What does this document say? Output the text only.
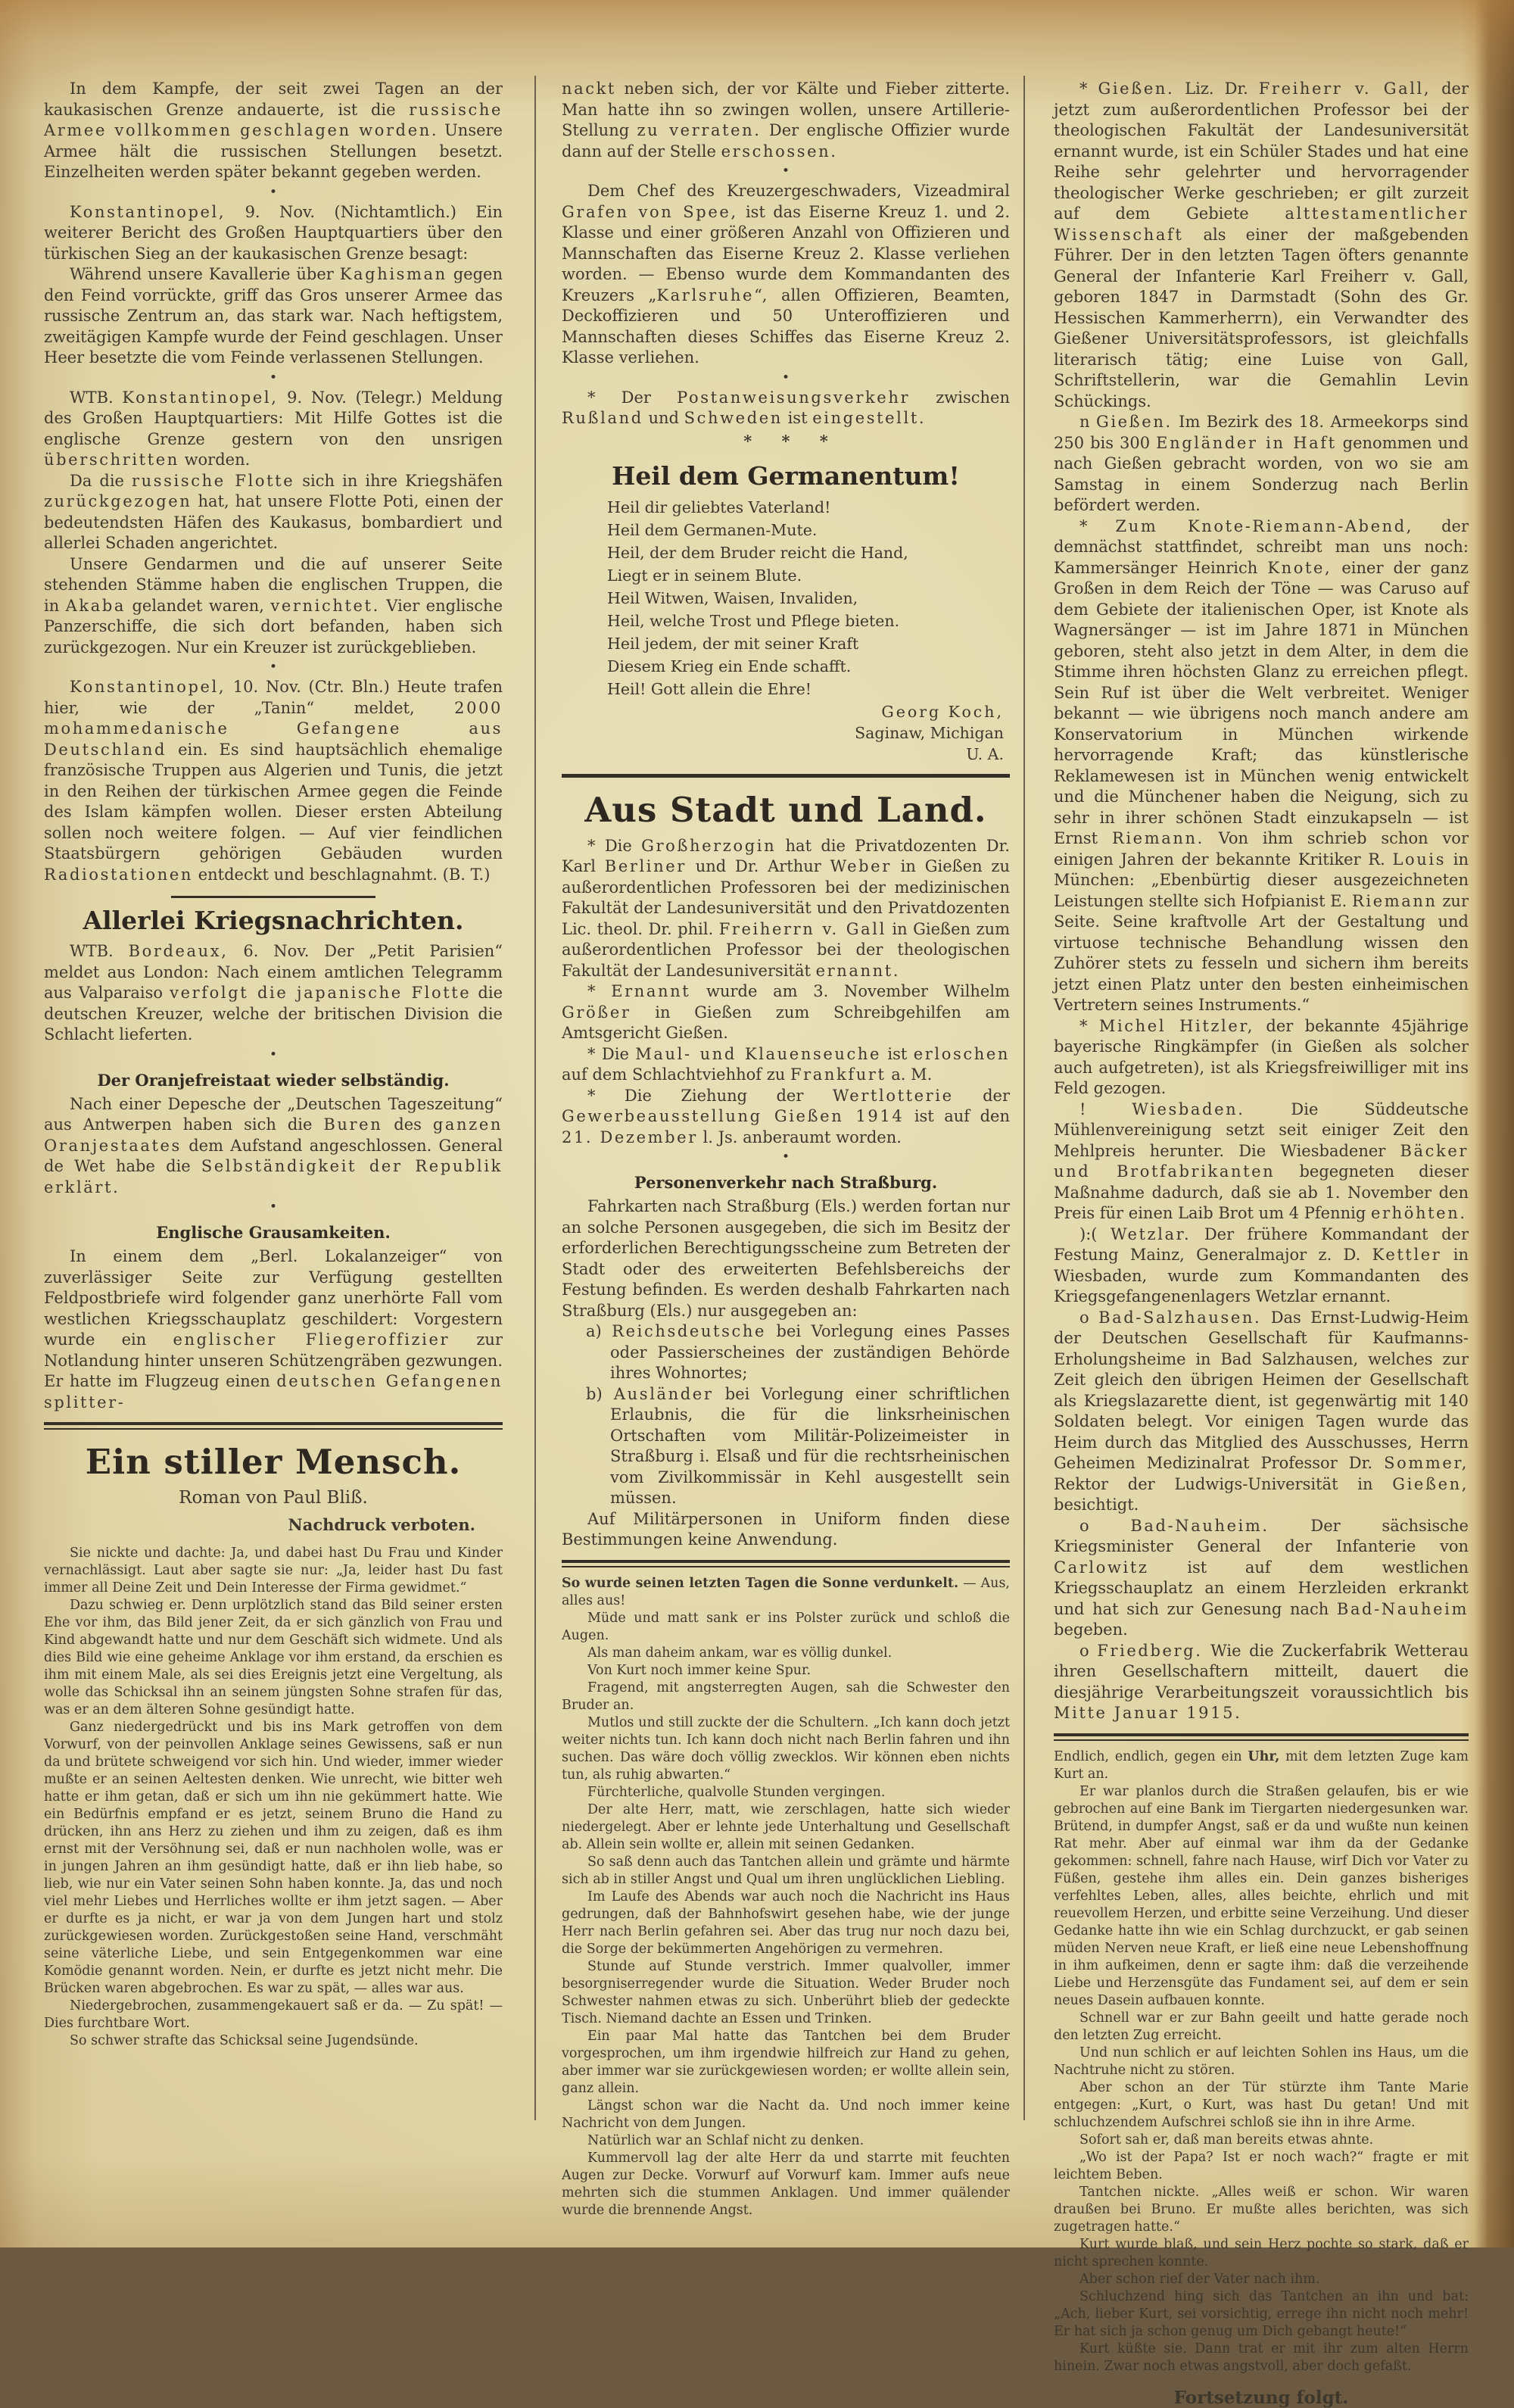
In dem Kampfe, der seit zwei Tagen an der kaukasischen Grenze andauerte, ist die russische Armee vollkommen geschlagen worden. Unsere Armee hält die russischen Stellungen besetzt. Einzelheiten werden später bekannt gegeben werden.

•

Konstantinopel, 9. Nov. (Nichtamtlich.) Ein weiterer Bericht des Großen Hauptquartiers über den türkischen Sieg an der kaukasischen Grenze besagt:

Während unsere Kavallerie über Kaghisman gegen den Feind vorrückte, griff das Gros unserer Armee das russische Zentrum an, das stark war. Nach heftigstem, zweitägigen Kampfe wurde der Feind geschlagen. Unser Heer besetzte die vom Feinde verlassenen Stellungen.

•

WTB. Konstantinopel, 9. Nov. (Telegr.) Meldung des Großen Hauptquartiers: Mit Hilfe Gottes ist die englische Grenze gestern von den unsrigen überschritten worden.

Da die russische Flotte sich in ihre Kriegshäfen zurückgezogen hat, hat unsere Flotte Poti, einen der bedeutendsten Häfen des Kaukasus, bombardiert und allerlei Schaden angerichtet.

Unsere Gendarmen und die auf unserer Seite stehenden Stämme haben die englischen Truppen, die in Akaba gelandet waren, vernichtet. Vier englische Panzerschiffe, die sich dort befanden, haben sich zurückgezogen. Nur ein Kreuzer ist zurückgeblieben.

•

Konstantinopel, 10. Nov. (Ctr. Bln.) Heute trafen hier, wie der „Tanin“ meldet, 2000 mohammedanische Gefangene aus Deutschland ein. Es sind hauptsächlich ehemalige französische Truppen aus Algerien und Tunis, die jetzt in den Reihen der türkischen Armee gegen die Feinde des Islam kämpfen wollen. Dieser ersten Abteilung sollen noch weitere folgen. — Auf vier feindlichen Staatsbürgern gehörigen Gebäuden wurden Radiostationen entdeckt und beschlagnahmt. (B. T.)

Allerlei Kriegsnachrichten.

WTB. Bordeaux, 6. Nov. Der „Petit Parisien“ meldet aus London: Nach einem amtlichen Telegramm aus Valparaiso verfolgt die japanische Flotte die deutschen Kreuzer, welche der britischen Division die Schlacht lieferten.

•
Der Oranjefreistaat wieder selbständig.

Nach einer Depesche der „Deutschen Tageszeitung“ aus Antwerpen haben sich die Buren des ganzen Oranjestaates dem Aufstand angeschlossen. General de Wet habe die Selbständigkeit der Republik erklärt.

•
Englische Grausamkeiten.

In einem dem „Berl. Lokalanzeiger“ von zuverlässiger Seite zur Verfügung gestellten Feldpostbriefe wird folgender ganz unerhörte Fall vom westlichen Kriegsschauplatz geschildert: Vorgestern wurde ein englischer Fliegeroffizier zur Notlandung hinter unseren Schützengräben gezwungen. Er hatte im Flugzeug einen deutschen Gefangenen splitter-

Ein stiller Mensch.
Roman von Paul Bliß.
Nachdruck verboten.

Sie nickte und dachte: Ja, und dabei hast Du Frau und Kinder vernachlässigt. Laut aber sagte sie nur: „Ja, leider hast Du fast immer all Deine Zeit und Dein Interesse der Firma gewidmet.“

Dazu schwieg er. Denn urplötzlich stand das Bild seiner ersten Ehe vor ihm, das Bild jener Zeit, da er sich gänzlich von Frau und Kind abgewandt hatte und nur dem Geschäft sich widmete. Und als dies Bild wie eine geheime Anklage vor ihm erstand, da erschien es ihm mit einem Male, als sei dies Ereignis jetzt eine Vergeltung, als wolle das Schicksal ihn an seinem jüngsten Sohne strafen für das, was er an dem älteren Sohne gesündigt hatte.

Ganz niedergedrückt und bis ins Mark getroffen von dem Vorwurf, von der peinvollen Anklage seines Gewissens, saß er nun da und brütete schweigend vor sich hin. Und wieder, immer wieder mußte er an seinen Aeltesten denken. Wie unrecht, wie bitter weh hatte er ihm getan, daß er sich um ihn nie gekümmert hatte. Wie ein Bedürfnis empfand er es jetzt, seinem Bruno die Hand zu drücken, ihn ans Herz zu ziehen und ihm zu zeigen, daß es ihm ernst mit der Versöhnung sei, daß er nun nachholen wolle, was er in jungen Jahren an ihm gesündigt hatte, daß er ihn lieb habe, so lieb, wie nur ein Vater seinen Sohn haben konnte. Ja, das und noch viel mehr Liebes und Herrliches wollte er ihm jetzt sagen. — Aber er durfte es ja nicht, er war ja von dem Jungen hart und stolz zurückgewiesen worden. Zurückgestoßen seine Hand, verschmäht seine väterliche Liebe, und sein Entgegenkommen war eine Komödie genannt worden. Nein, er durfte es jetzt nicht mehr. Die Brücken waren abgebrochen. Es war zu spät, — alles war aus.

Niedergebrochen, zusammengekauert saß er da. — Zu spät! — Dies furchtbare Wort.

So schwer strafte das Schicksal seine Jugendsünde.

nackt neben sich, der vor Kälte und Fieber zitterte. Man hatte ihn so zwingen wollen, unsere Artillerie-Stellung zu verraten. Der englische Offizier wurde dann auf der Stelle erschossen.

•

Dem Chef des Kreuzergeschwaders, Vizeadmiral Grafen von Spee, ist das Eiserne Kreuz 1. und 2. Klasse und einer größeren Anzahl von Offizieren und Mannschaften das Eiserne Kreuz 2. Klasse verliehen worden. — Ebenso wurde dem Kommandanten des Kreuzers „Karlsruhe“, allen Offizieren, Beamten, Deckoffizieren und 50 Unteroffizieren und Mannschaften dieses Schiffes das Eiserne Kreuz 2. Klasse verliehen.

•

* Der Postanweisungsverkehr zwischen Rußland und Schweden ist eingestellt.

* * *
Heil dem Germanentum!
Heil dir geliebtes Vaterland!
Heil dem Germanen-Mute.
Heil, der dem Bruder reicht die Hand,
Liegt er in seinem Blute.
Heil Witwen, Waisen, Invaliden,
Heil, welche Trost und Pflege bieten.
Heil jedem, der mit seiner Kraft
Diesem Krieg ein Ende schafft.
Heil! Gott allein die Ehre!
Georg Koch,
Saginaw, Michigan
U. A.
Aus Stadt und Land.

* Die Großherzogin hat die Privatdozenten Dr. Karl Berliner und Dr. Arthur Weber in Gießen zu außerordentlichen Professoren bei der medizinischen Fakultät der Landesuniversität und den Privatdozenten Lic. theol. Dr. phil. Freiherrn v. Gall in Gießen zum außerordentlichen Professor bei der theologischen Fakultät der Landesuniversität ernannt.

* Ernannt wurde am 3. November Wilhelm Größer in Gießen zum Schreibgehilfen am Amtsgericht Gießen.

* Die Maul- und Klauenseuche ist erloschen auf dem Schlachtviehhof zu Frankfurt a. M.

* Die Ziehung der Wertlotterie der Gewerbeausstellung Gießen 1914 ist auf den 21. Dezember l. Js. anberaumt worden.

•
Personenverkehr nach Straßburg.

Fahrkarten nach Straßburg (Els.) werden fortan nur an solche Personen ausgegeben, die sich im Besitz der erforderlichen Berechtigungsscheine zum Betreten der Stadt oder des erweiterten Befehlsbereichs der Festung befinden. Es werden deshalb Fahrkarten nach Straßburg (Els.) nur ausgegeben an:

a) Reichsdeutsche bei Vorlegung eines Passes oder Passierscheines der zuständigen Behörde ihres Wohnortes;

b) Ausländer bei Vorlegung einer schriftlichen Erlaubnis, die für die linksrheinischen Ortschaften vom Militär-Polizeimeister in Straßburg i. Elsaß und für die rechtsrheinischen vom Zivilkommissär in Kehl ausgestellt sein müssen.

Auf Militärpersonen in Uniform finden diese Bestimmungen keine Anwendung.

So wurde seinen letzten Tagen die Sonne verdunkelt. — Aus, alles aus!

Müde und matt sank er ins Polster zurück und schloß die Augen.

Als man daheim ankam, war es völlig dunkel.

Von Kurt noch immer keine Spur.

Fragend, mit angsterregten Augen, sah die Schwester den Bruder an.

Mutlos und still zuckte der die Schultern. „Ich kann doch jetzt weiter nichts tun. Ich kann doch nicht nach Berlin fahren und ihn suchen. Das wäre doch völlig zwecklos. Wir können eben nichts tun, als ruhig abwarten.“

Fürchterliche, qualvolle Stunden vergingen.

Der alte Herr, matt, wie zerschlagen, hatte sich wieder niedergelegt. Aber er lehnte jede Unterhaltung und Gesellschaft ab. Allein sein wollte er, allein mit seinen Gedanken.

So saß denn auch das Tantchen allein und grämte und härmte sich ab in stiller Angst und Qual um ihren unglücklichen Liebling.

Im Laufe des Abends war auch noch die Nachricht ins Haus gedrungen, daß der Bahnhofswirt gesehen habe, wie der junge Herr nach Berlin gefahren sei. Aber das trug nur noch dazu bei, die Sorge der bekümmerten Angehörigen zu vermehren.

Stunde auf Stunde verstrich. Immer qualvoller, immer besorgniserregender wurde die Situation. Weder Bruder noch Schwester nahmen etwas zu sich. Unberührt blieb der gedeckte Tisch. Niemand dachte an Essen und Trinken.

Ein paar Mal hatte das Tantchen bei dem Bruder vorgesprochen, um ihm irgendwie hilfreich zur Hand zu gehen, aber immer war sie zurückgewiesen worden; er wollte allein sein, ganz allein.

Längst schon war die Nacht da. Und noch immer keine Nachricht von dem Jungen.

Natürlich war an Schlaf nicht zu denken.

Kummervoll lag der alte Herr da und starrte mit feuchten Augen zur Decke. Vorwurf auf Vorwurf kam. Immer aufs neue mehrten sich die stummen Anklagen. Und immer quälender wurde die brennende Angst.

* Gießen. Liz. Dr. Freiherr v. Gall, der jetzt zum außerordentlichen Professor bei der theologischen Fakultät der Landesuniversität ernannt wurde, ist ein Schüler Stades und hat eine Reihe sehr gelehrter und hervorragender theologischer Werke geschrieben; er gilt zurzeit auf dem Gebiete alttestamentlicher Wissenschaft als einer der maßgebenden Führer. Der in den letzten Tagen öfters genannte General der Infanterie Karl Freiherr v. Gall, geboren 1847 in Darmstadt (Sohn des Gr. Hessischen Kammerherrn), ein Verwandter des Gießener Universitätsprofessors, ist gleichfalls literarisch tätig; eine Luise von Gall, Schriftstellerin, war die Gemahlin Levin Schückings.

n Gießen. Im Bezirk des 18. Armeekorps sind 250 bis 300 Engländer in Haft genommen und nach Gießen gebracht worden, von wo sie am Samstag in einem Sonderzug nach Berlin befördert werden.

* Zum Knote-Riemann-Abend, der demnächst stattfindet, schreibt man uns noch: Kammersänger Heinrich Knote, einer der ganz Großen in dem Reich der Töne — was Caruso auf dem Gebiete der italienischen Oper, ist Knote als Wagnersänger — ist im Jahre 1871 in München geboren, steht also jetzt in dem Alter, in dem die Stimme ihren höchsten Glanz zu erreichen pflegt. Sein Ruf ist über die Welt verbreitet. Weniger bekannt — wie übrigens noch manch andere am Konservatorium in München wirkende hervorragende Kraft; das künstlerische Reklamewesen ist in München wenig entwickelt und die Münchener haben die Neigung, sich zu sehr in ihrer schönen Stadt einzukapseln — ist Ernst Riemann. Von ihm schrieb schon vor einigen Jahren der bekannte Kritiker R. Louis in München: „Ebenbürtig dieser ausgezeichneten Leistungen stellte sich Hofpianist E. Riemann zur Seite. Seine kraftvolle Art der Gestaltung und virtuose technische Behandlung wissen den Zuhörer stets zu fesseln und sichern ihm bereits jetzt einen Platz unter den besten einheimischen Vertretern seines Instruments.“

* Michel Hitzler, der bekannte 45jährige bayerische Ringkämpfer (in Gießen als solcher auch aufgetreten), ist als Kriegsfreiwilliger mit ins Feld gezogen.

! Wiesbaden. Die Süddeutsche Mühlenvereinigung setzt seit einiger Zeit den Mehlpreis herunter. Die Wiesbadener Bäcker und Brotfabrikanten begegneten dieser Maßnahme dadurch, daß sie ab 1. November den Preis für einen Laib Brot um 4 Pfennig erhöhten.

):( Wetzlar. Der frühere Kommandant der Festung Mainz, Generalmajor z. D. Kettler in Wiesbaden, wurde zum Kommandanten des Kriegsgefangenenlagers Wetzlar ernannt.

o Bad-Salzhausen. Das Ernst-Ludwig-Heim der Deutschen Gesellschaft für Kaufmanns-Erholungsheime in Bad Salzhausen, welches zur Zeit gleich den übrigen Heimen der Gesellschaft als Kriegslazarette dient, ist gegenwärtig mit 140 Soldaten belegt. Vor einigen Tagen wurde das Heim durch das Mitglied des Ausschusses, Herrn Geheimen Medizinalrat Professor Dr. Sommer, Rektor der Ludwigs-Universität in Gießen, besichtigt.

o Bad-Nauheim. Der sächsische Kriegsminister General der Infanterie von Carlowitz ist auf dem westlichen Kriegsschauplatz an einem Herzleiden erkrankt und hat sich zur Genesung nach Bad-Nauheim begeben.

o Friedberg. Wie die Zuckerfabrik Wetterau ihren Gesellschaftern mitteilt, dauert die diesjährige Verarbeitungszeit voraussichtlich bis Mitte Januar 1915.

Endlich, endlich, gegen ein Uhr, mit dem letzten Zuge kam Kurt an.

Er war planlos durch die Straßen gelaufen, bis er wie gebrochen auf eine Bank im Tiergarten niedergesunken war. Brütend, in dumpfer Angst, saß er da und wußte nun keinen Rat mehr. Aber auf einmal war ihm da der Gedanke gekommen: schnell, fahre nach Hause, wirf Dich vor Vater zu Füßen, gestehe ihm alles ein. Dein ganzes bisheriges verfehltes Leben, alles, alles beichte, ehrlich und mit reuevollem Herzen, und erbitte seine Verzeihung. Und dieser Gedanke hatte ihn wie ein Schlag durchzuckt, er gab seinen müden Nerven neue Kraft, er ließ eine neue Lebenshoffnung in ihm aufkeimen, denn er sagte ihm: daß die verzeihende Liebe und Herzensgüte das Fundament sei, auf dem er sein neues Dasein aufbauen konnte.

Schnell war er zur Bahn geeilt und hatte gerade noch den letzten Zug erreicht.

Und nun schlich er auf leichten Sohlen ins Haus, um die Nachtruhe nicht zu stören.

Aber schon an der Tür stürzte ihm Tante Marie entgegen: „Kurt, o Kurt, was hast Du getan! Und mit schluchzendem Aufschrei schloß sie ihn in ihre Arme.

Sofort sah er, daß man bereits etwas ahnte.

„Wo ist der Papa? Ist er noch wach?“ fragte er mit leichtem Beben.

Tantchen nickte. „Alles weiß er schon. Wir waren draußen bei Bruno. Er mußte alles berichten, was sich zugetragen hatte.“

Kurt wurde blaß, und sein Herz pochte so stark, daß er nicht sprechen konnte.

Aber schon rief der Vater nach ihm.

Schluchzend hing sich das Tantchen an ihn und bat: „Ach, lieber Kurt, sei vorsichtig, errege ihn nicht noch mehr! Er hat sich ja schon genug um Dich gebangt heute!“

Kurt küßte sie. Dann trat er mit ihr zum alten Herrn hinein. Zwar noch etwas angstvoll, aber doch gefaßt.

Fortsetzung folgt.
